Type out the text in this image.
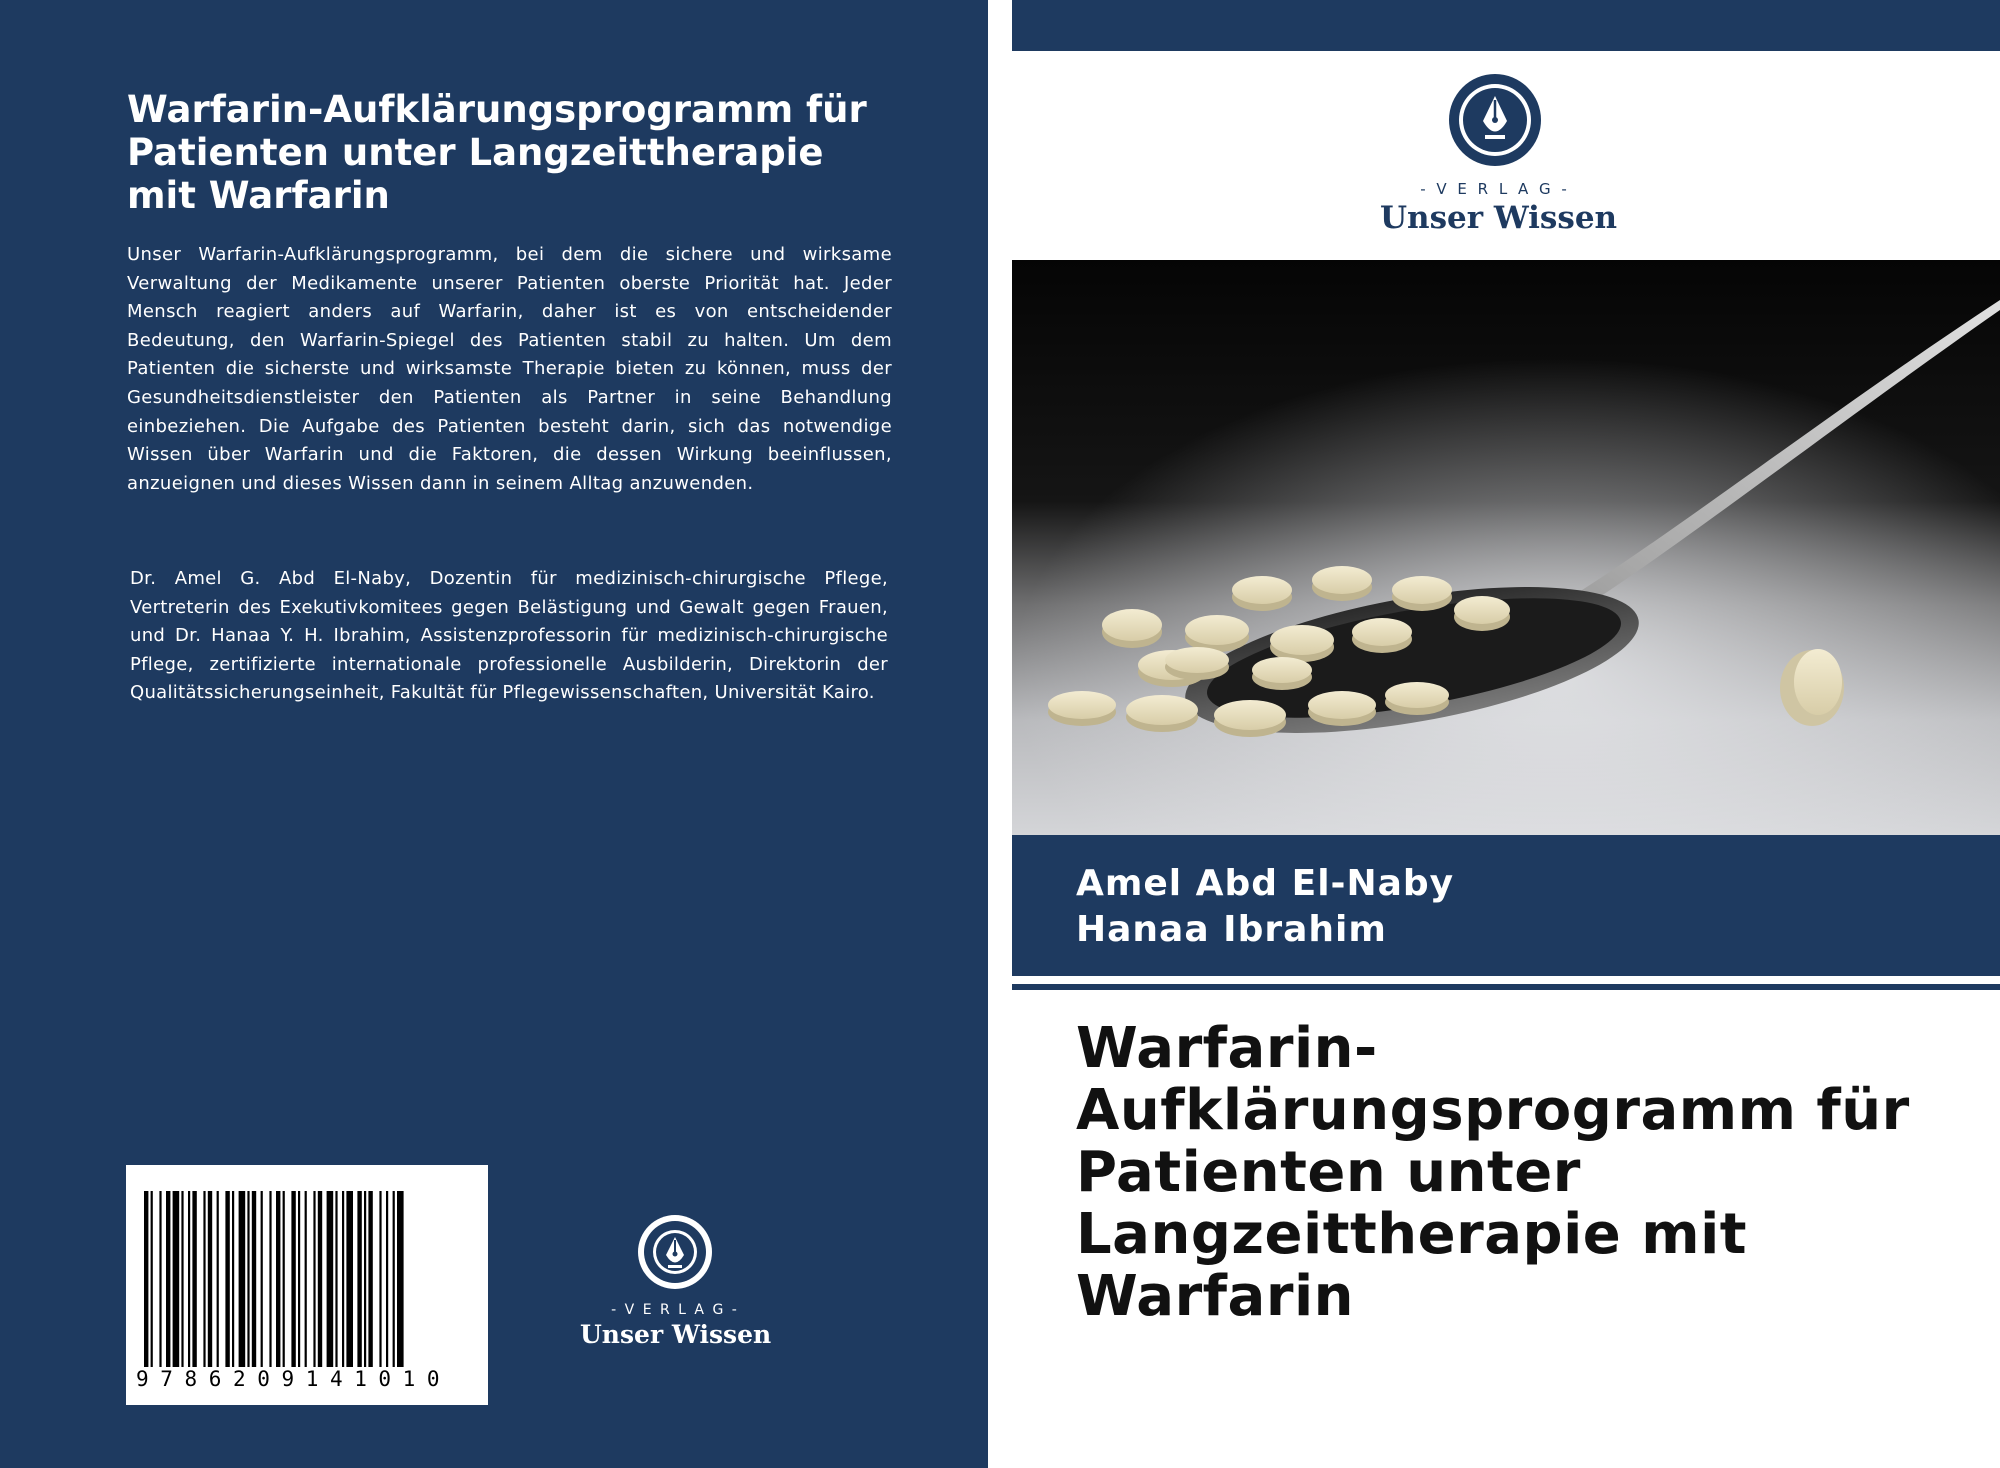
Warfarin-Aufklärungsprogramm für Patienten unter Langzeittherapie mit Warfarin

Unser Warfarin-Aufklärungsprogramm, bei dem die sichere und wirksame Verwaltung der Medikamente unserer Patienten oberste Priorität hat. Jeder Mensch reagiert anders auf Warfarin, daher ist es von entscheidender Bedeutung, den Warfarin-Spiegel des Patienten stabil zu halten. Um dem Patienten die sicherste und wirksamste Therapie bieten zu können, muss der Gesundheitsdienstleister den Patienten als Partner in seine Behandlung einbeziehen. Die Aufgabe des Patienten besteht darin, sich das notwendige Wissen über Warfarin und die Faktoren, die dessen Wirkung beeinflussen, anzueignen und dieses Wissen dann in seinem Alltag anzuwenden.

Dr. Amel G. Abd El-Naby, Dozentin für medizinisch-chirurgische Pflege, Vertreterin des Exekutivkomitees gegen Belästigung und Gewalt gegen Frauen, und Dr. Hanaa Y. H. Ibrahim, Assistenzprofessorin für medizinisch-chirurgische Pflege, zertifizierte internationale professionelle Ausbilderin, Direktorin der Qualitätssicherungseinheit, Fakultät für Pflegewissenschaften, Universität Kairo.

9786209141010
- V E R L A G -
Unser Wissen
- V E R L A G -
Unser Wissen

Amel Abd El-Naby

Hanaa Ibrahim

Warfarin-Aufklärungsprogramm für Patienten unter Langzeittherapie mit Warfarin
